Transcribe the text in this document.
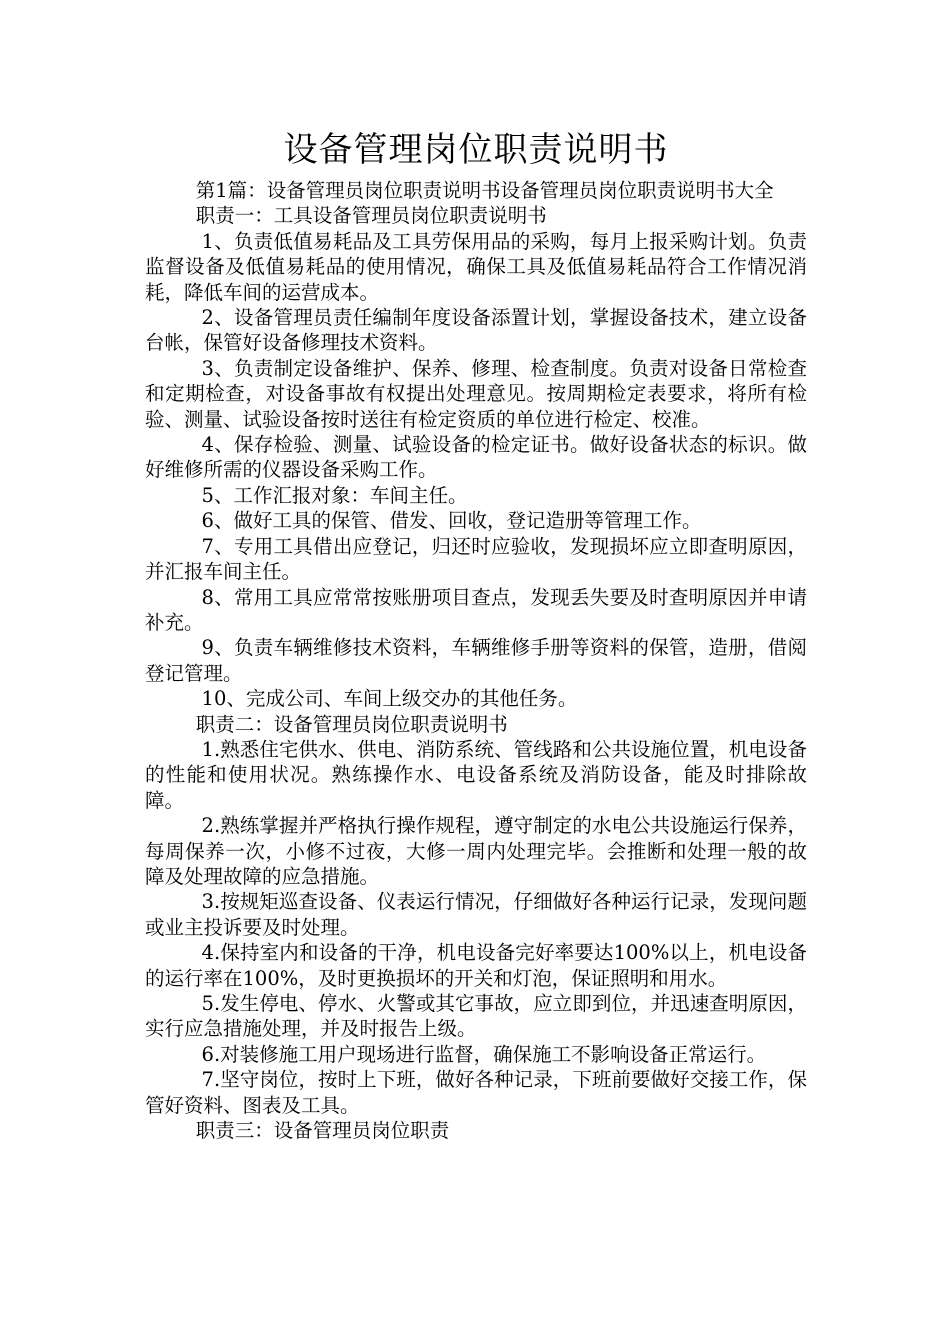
设备管理岗位职责说明书

第1篇：设备管理员岗位职责说明书设备管理员岗位职责说明书大全

职责一：工具设备管理员岗位职责说明书

1、负责低值易耗品及工具劳保用品的采购，每月上报采购计划。负责监督设备及低值易耗品的使用情况，确保工具及低值易耗品符合工作情况消耗，降低车间的运营成本。

2、设备管理员责任编制年度设备添置计划，掌握设备技术，建立设备台帐，保管好设备修理技术资料。

3、负责制定设备维护、保养、修理、检查制度。负责对设备日常检查和定期检查，对设备事故有权提出处理意见。按周期检定表要求，将所有检验、测量、试验设备按时送往有检定资质的单位进行检定、校准。

4、保存检验、测量、试验设备的检定证书。做好设备状态的标识。做好维修所需的仪器设备采购工作。

5、工作汇报对象：车间主任。

6、做好工具的保管、借发、回收，登记造册等管理工作。

7、专用工具借出应登记，归还时应验收，发现损坏应立即查明原因，并汇报车间主任。

8、常用工具应常常按账册项目查点，发现丢失要及时查明原因并申请补充。

9、负责车辆维修技术资料，车辆维修手册等资料的保管，造册，借阅登记管理。

10、完成公司、车间上级交办的其他任务。

职责二：设备管理员岗位职责说明书

1.熟悉住宅供水、供电、消防系统、管线路和公共设施位置，机电设备的性能和使用状况。熟练操作水、电设备系统及消防设备，能及时排除故障。

2.熟练掌握并严格执行操作规程，遵守制定的水电公共设施运行保养，每周保养一次，小修不过夜，大修一周内处理完毕。会推断和处理一般的故障及处理故障的应急措施。

3.按规矩巡查设备、仪表运行情况，仔细做好各种运行记录，发现问题或业主投诉要及时处理。

4.保持室内和设备的干净，机电设备完好率要达100%以上，机电设备的运行率在100%，及时更换损坏的开关和灯泡，保证照明和用水。

5.发生停电、停水、火警或其它事故，应立即到位，并迅速查明原因，实行应急措施处理，并及时报告上级。

6.对装修施工用户现场进行监督，确保施工不影响设备正常运行。

7.坚守岗位，按时上下班，做好各种记录，下班前要做好交接工作，保管好资料、图表及工具。

职责三：设备管理员岗位职责
